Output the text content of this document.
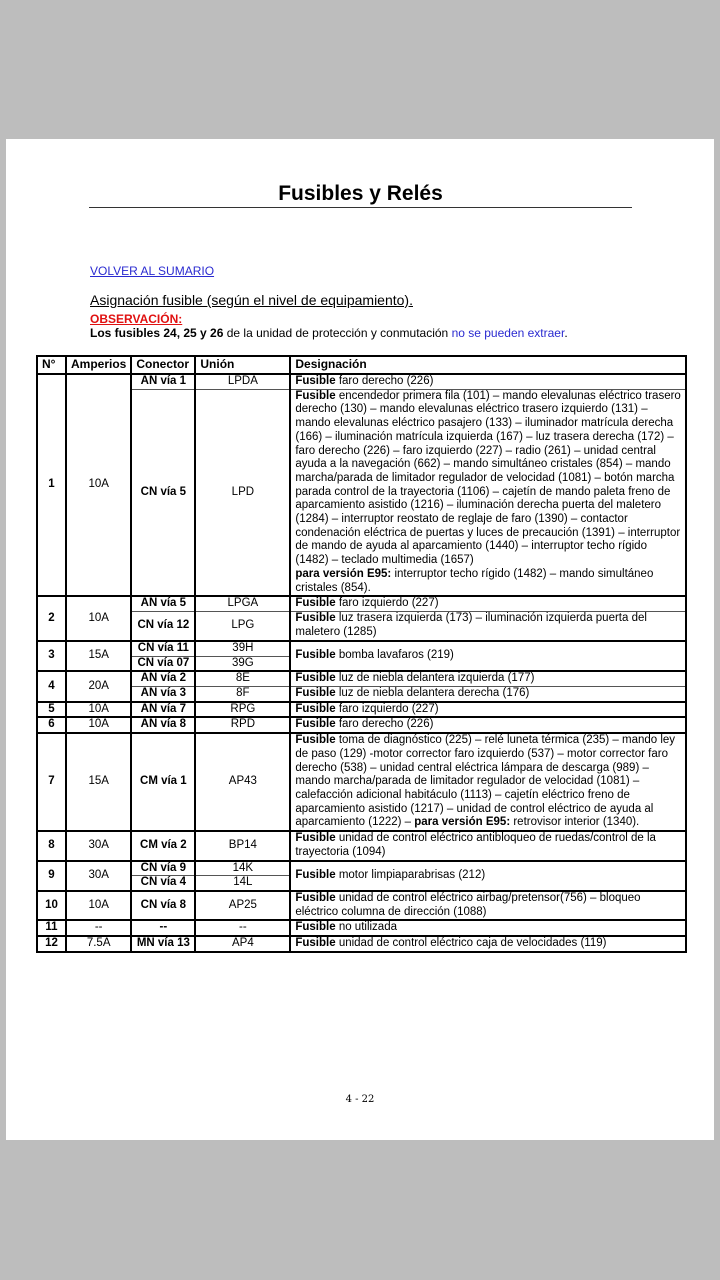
Fusibles y Relés
VOLVER AL SUMARIO
Asignación fusible (según el nivel de equipamiento).
OBSERVACIÓN:
Los fusibles 24, 25 y 26 de la unidad de protección y conmutación no se pueden extraer.
N°	Amperios	Conector	Unión	Designación
1	10A	AN vía 1	LPDA	Fusible faro derecho (226)
		CN vía 5	LPD	Fusible encendedor primera fila (101) – mando elevalunas eléctrico trasero derecho (130) – mando elevalunas eléctrico trasero izquierdo (131) – mando elevalunas eléctrico pasajero (133) – iluminador matrícula derecha (166) – iluminación matrícula izquierda (167) – luz trasera derecha (172) – faro derecho (226) – faro izquierdo (227) – radio (261) – unidad central ayuda a la navegación (662) – mando simultáneo cristales (854) – mando marcha/parada de limitador regulador de velocidad (1081) – botón marcha parada control de la trayectoria (1106) – cajetín de mando paleta freno de aparcamiento asistido (1216) – iluminación derecha puerta del maletero (1284) – interruptor reostato de reglaje de faro (1390) – contactor condenación eléctrica de puertas y luces de precaución (1391) – interruptor de mando de ayuda al aparcamiento (1440) – interruptor techo rígido (1482) – teclado multimedia (1657)
para versión E95: interruptor techo rígido (1482) – mando simultáneo cristales (854).
2	10A	AN vía 5	LPGA	Fusible faro izquierdo (227)
		CN vía 12	LPG	Fusible luz trasera izquierda (173) – iluminación izquierda puerta del maletero (1285)
3	15A	CN vía 11	39H	Fusible bomba lavafaros (219)
		CN vía 07	39G	
4	20A	AN vía 2	8E	Fusible luz de niebla delantera izquierda (177)
		AN vía 3	8F	Fusible luz de niebla delantera derecha (176)
5	10A	AN vía 7	RPG	Fusible faro izquierdo (227)
6	10A	AN vía 8	RPD	Fusible faro derecho (226)
7	15A	CM vía 1	AP43	Fusible toma de diagnóstico (225) – relé luneta térmica (235) – mando ley de paso (129) -motor corrector faro izquierdo (537) – motor corrector faro derecho (538) – unidad central eléctrica lámpara de descarga (989) – mando marcha/parada de limitador regulador de velocidad (1081) – calefacción adicional habitáculo (1113) – cajetín eléctrico freno de aparcamiento asistido (1217) – unidad de control eléctrico de ayuda al aparcamiento (1222) – para versión E95: retrovisor interior (1340).
8	30A	CM vía 2	BP14	Fusible unidad de control eléctrico antibloqueo de ruedas/control de la trayectoria (1094)
9	30A	CN vía 9	14K	Fusible motor limpiaparabrisas (212)
		CN vía 4	14L	
10	10A	CN vía 8	AP25	Fusible unidad de control eléctrico airbag/pretensor(756) – bloqueo eléctrico columna de dirección (1088)
11	--	--	--	Fusible no utilizada
12	7.5A	MN vía 13	AP4	Fusible unidad de control eléctrico caja de velocidades (119)
4 - 22
